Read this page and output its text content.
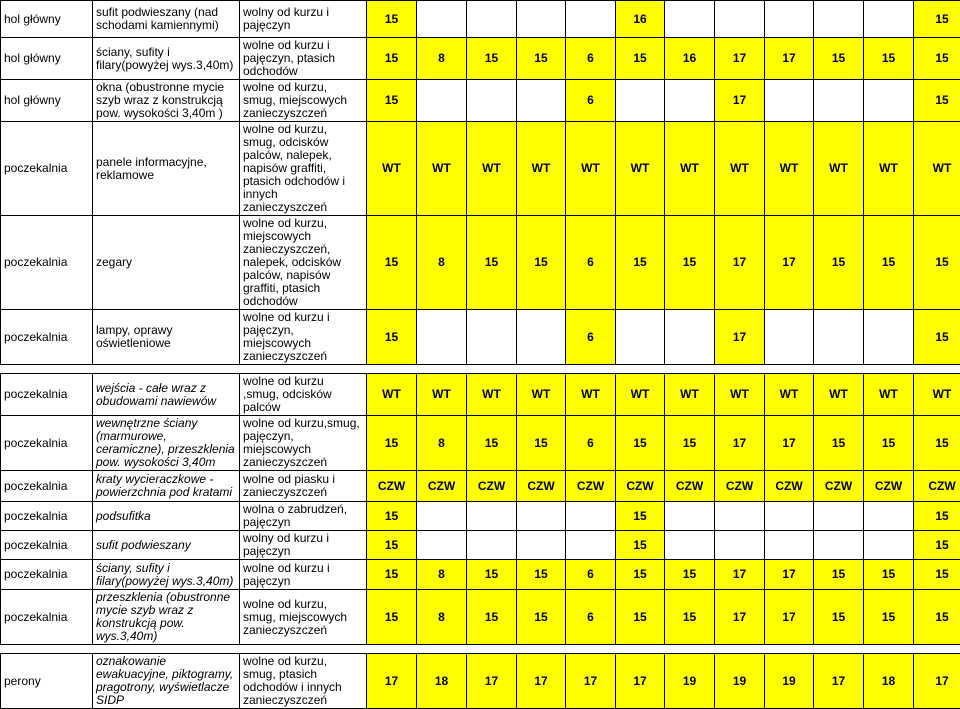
hol główny	sufit podwieszany (nad schodami kamiennymi)	wolny od kurzu i pajęczyn	15					16						15
hol główny	ściany, sufity i filary(powyżej wys.3,40m)	wolne od kurzu i pajęczyn, ptasich odchodów	15	8	15	15	6	15	16	17	17	15	15	15
hol główny	okna (obustronne mycie szyb wraz z konstrukcją pow. wysokości 3,40m )	wolne od kurzu, smug, miejscowych zanieczyszczeń	15				6			17				15
poczekalnia	panele informacyjne, reklamowe	wolne od kurzu, smug, odcisków palców, nalepek, napisów graffiti, ptasich odchodów i innych zanieczyszczeń	WT	WT	WT	WT	WT	WT	WT	WT	WT	WT	WT	WT
poczekalnia	zegary	wolne od kurzu, miejscowych zanieczyszczeń, nalepek, odcisków palców, napisów graffiti, ptasich odchodów	15	8	15	15	6	15	15	17	17	15	15	15
poczekalnia	lampy, oprawy oświetleniowe	wolne od kurzu i pajęczyn, miejscowych zanieczyszczeń	15				6			17				15

poczekalnia	wejścia - całe wraz z obudowami nawiewów	wolne od kurzu ,smug, odcisków palców	WT	WT	WT	WT	WT	WT	WT	WT	WT	WT	WT	WT
poczekalnia	wewnętrzne ściany (marmurowe, ceramiczne), przeszklenia pow. wysokości 3,40m	wolne od kurzu,smug, pajęczyn, miejscowych zanieczyszczeń	15	8	15	15	6	15	15	17	17	15	15	15
poczekalnia	kraty wycieraczkowe - powierzchnia pod kratami	wolne od piasku i zanieczyszczeń	CZW	CZW	CZW	CZW	CZW	CZW	CZW	CZW	CZW	CZW	CZW	CZW
poczekalnia	podsufitka	wolna o zabrudzeń, pajęczyn	15					15						15
poczekalnia	sufit podwieszany	wolny od kurzu i pajęczyn	15					15						15
poczekalnia	ściany, sufity i filary(powyżej wys.3,40m)	wolne od kurzu i pajęczyn	15	8	15	15	6	15	15	17	17	15	15	15
poczekalnia	przeszklenia (obustronne mycie szyb wraz z konstrukcją pow. wys.3,40m)	wolne od kurzu, smug, miejscowych zanieczyszczeń	15	8	15	15	6	15	15	17	17	15	15	15

perony	oznakowanie ewakuacyjne, piktogramy, pragotrony, wyświetlacze SIDP	wolne od kurzu, smug, ptasich odchodów i innych zanieczyszczeń	17	18	17	17	17	17	19	19	19	17	18	17
